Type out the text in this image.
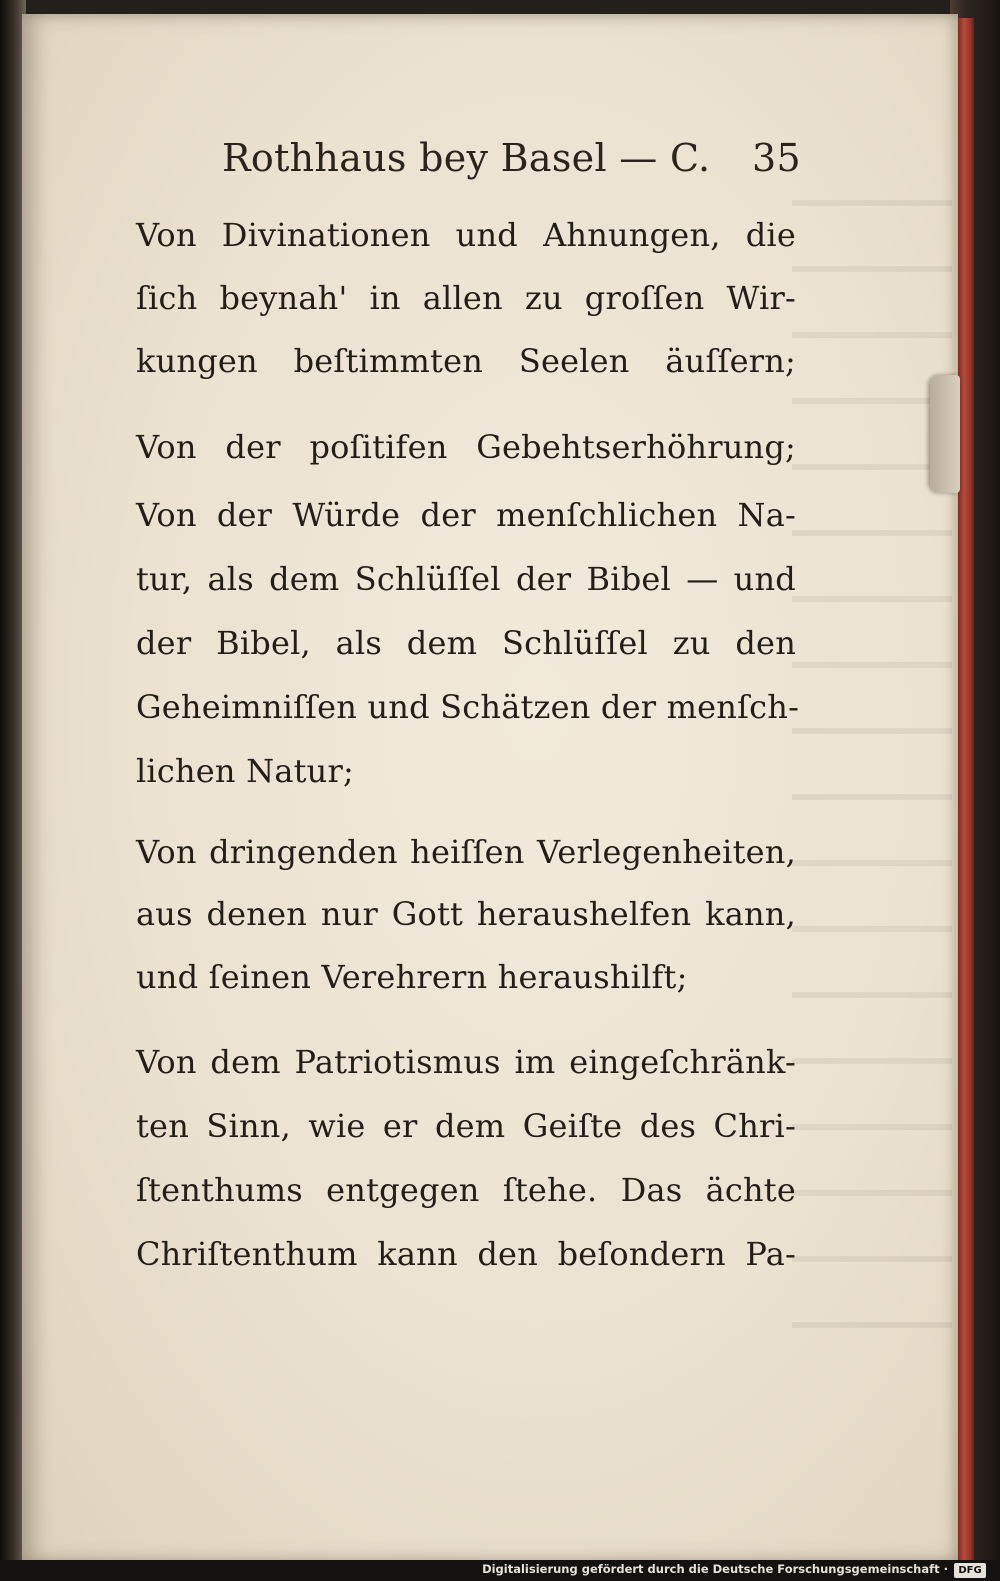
Rothhaus bey Basel — C. 35
Von Divinationen und Ahnungen, die
ſich beynah' in allen zu groſſen Wir-
kungen beſtimmten Seelen äuſſern;
Von der poſitifen Gebehtserhöhrung;
Von der Würde der menſchlichen Na-
tur, als dem Schlüſſel der Bibel — und
der Bibel, als dem Schlüſſel zu den
Geheimniſſen und Schätzen der menſch-
lichen Natur;
Von dringenden heiſſen Verlegenheiten,
aus denen nur Gott heraushelfen kann,
und ſeinen Verehrern heraushilft;
Von dem Patriotismus im eingeſchränk-
ten Sinn, wie er dem Geiſte des Chri-
ſtenthums entgegen ſtehe. Das ächte
Chriſtenthum kann den beſondern Pa-
Digitalisierung gefördert durch die Deutsche Forschungsgemeinschaft ·	DFG
